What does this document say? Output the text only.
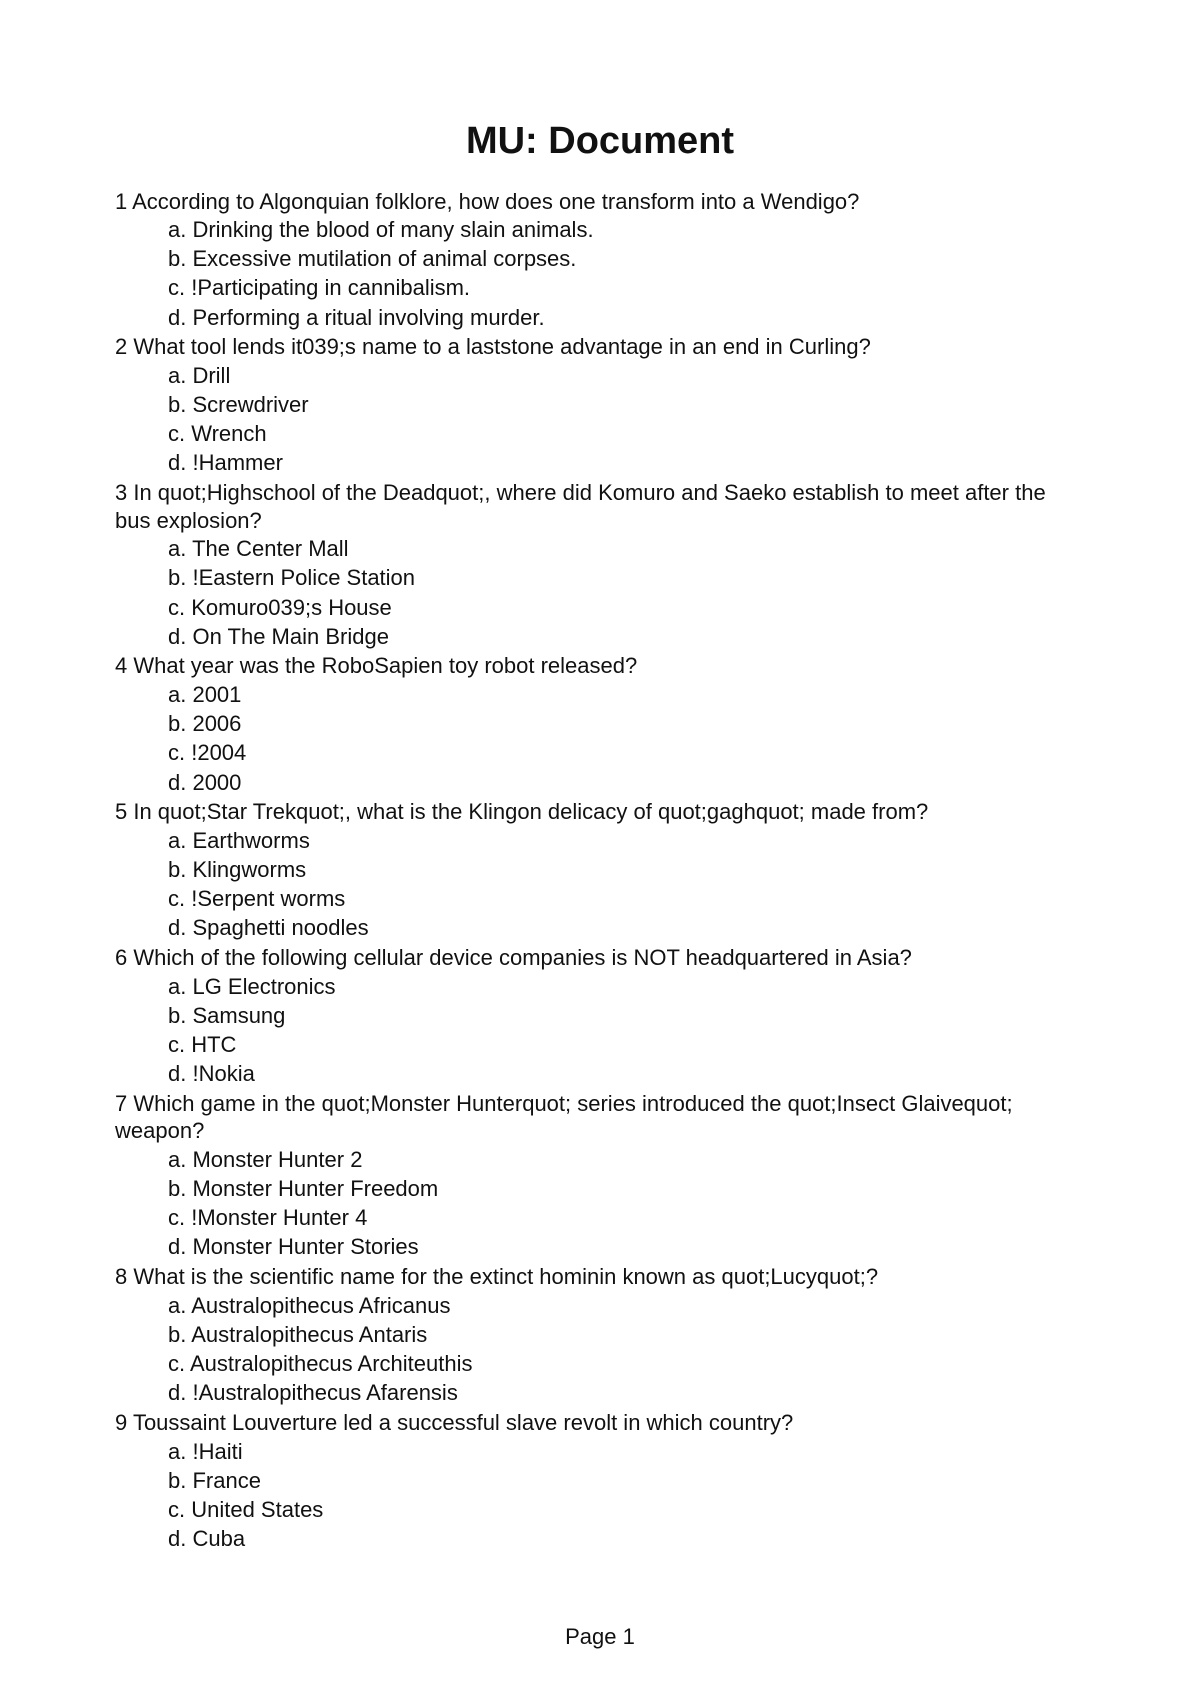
MU: Document
1 According to Algonquian folklore, how does one transform into a Wendigo?
a. Drinking the blood of many slain animals.
b. Excessive mutilation of animal corpses.
c. !Participating in cannibalism.
d. Performing a ritual involving murder.
2 What tool lends it039;s name to a laststone advantage in an end in Curling?
a. Drill
b. Screwdriver
c. Wrench
d. !Hammer
3 In quot;Highschool of the Deadquot;, where did Komuro and Saeko establish to meet after the bus explosion?
a. The Center Mall
b. !Eastern Police Station
c. Komuro039;s House
d. On The Main Bridge
4 What year was the RoboSapien toy robot released?
a. 2001
b. 2006
c. !2004
d. 2000
5 In quot;Star Trekquot;, what is the Klingon delicacy of quot;gaghquot; made from?
a. Earthworms
b. Klingworms
c. !Serpent worms
d. Spaghetti noodles
6 Which of the following cellular device companies is NOT headquartered in Asia?
a. LG Electronics
b. Samsung
c. HTC
d. !Nokia
7 Which game in the quot;Monster Hunterquot; series introduced the quot;Insect Glaivequot; weapon?
a. Monster Hunter 2
b. Monster Hunter Freedom
c. !Monster Hunter 4
d. Monster Hunter Stories
8 What is the scientific name for the extinct hominin known as quot;Lucyquot;?
a. Australopithecus Africanus
b. Australopithecus Antaris
c. Australopithecus Architeuthis
d. !Australopithecus Afarensis
9 Toussaint Louverture led a successful slave revolt in which country?
a. !Haiti
b. France
c. United States
d. Cuba
Page 1
